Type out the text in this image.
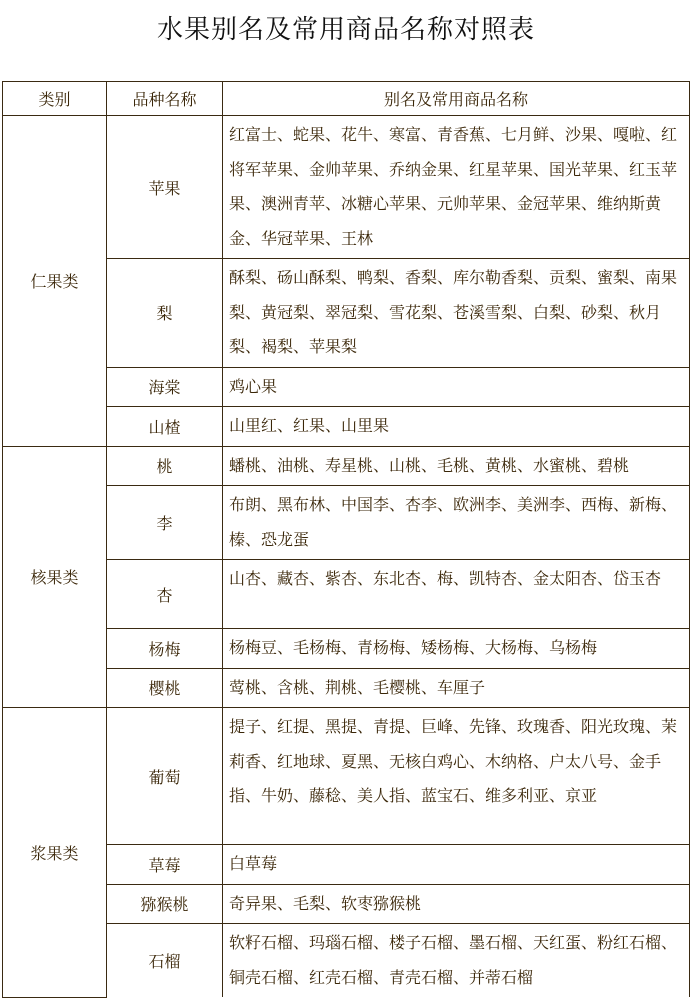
水果别名及常用商品名称对照表
类别	品种名称	别名及常用商品名称
仁果类	苹果	红富士、蛇果、花牛、寒富、青香蕉、七月鲜、沙果、嘎啦、红将军苹果、金帅苹果、乔纳金果、红星苹果、国光苹果、红玉苹果、澳洲青苹、冰糖心苹果、元帅苹果、金冠苹果、维纳斯黄金、华冠苹果、王林
	梨	酥梨、砀山酥梨、鸭梨、香梨、库尔勒香梨、贡梨、蜜梨、南果梨、黄冠梨、翠冠梨、雪花梨、苍溪雪梨、白梨、砂梨、秋月梨、褐梨、苹果梨
	海棠	鸡心果
	山楂	山里红、红果、山里果
核果类	桃	蟠桃、油桃、寿星桃、山桃、毛桃、黄桃、水蜜桃、碧桃
	李	布朗、黑布林、中国李、杏李、欧洲李、美洲李、西梅、新梅、榛、恐龙蛋
	杏	山杏、藏杏、紫杏、东北杏、梅、凯特杏、金太阳杏、岱玉杏
	杨梅	杨梅豆、毛杨梅、青杨梅、矮杨梅、大杨梅、乌杨梅
	樱桃	莺桃、含桃、荆桃、毛樱桃、车厘子
浆果类	葡萄	提子、红提、黑提、青提、巨峰、先锋、玫瑰香、阳光玫瑰、茉莉香、红地球、夏黑、无核白鸡心、木纳格、户太八号、金手指、牛奶、藤稔、美人指、蓝宝石、维多利亚、京亚
	草莓	白草莓
	猕猴桃	奇异果、毛梨、软枣猕猴桃
	石榴	软籽石榴、玛瑙石榴、楼子石榴、墨石榴、天红蛋、粉红石榴、铜壳石榴、红壳石榴、青壳石榴、并蒂石榴
